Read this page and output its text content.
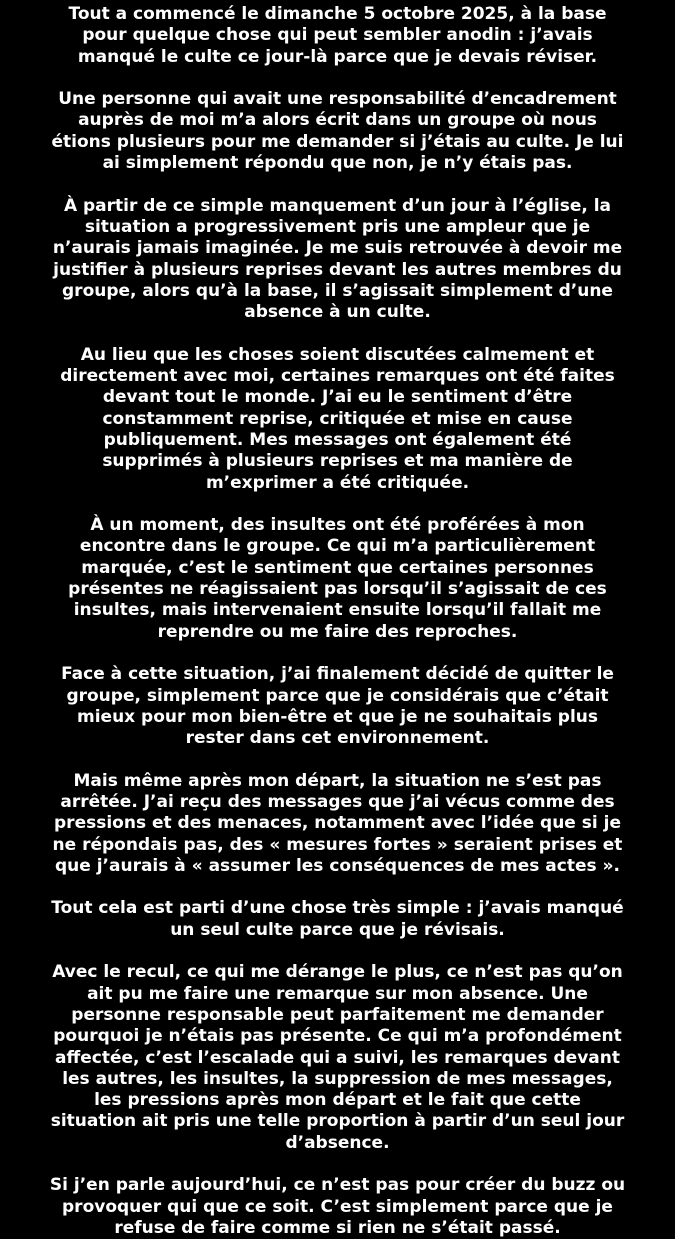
Tout a commencé le dimanche 5 octobre 2025, à la base
pour quelque chose qui peut sembler anodin : j’avais
manqué le culte ce jour-là parce que je devais réviser.

Une personne qui avait une responsabilité d’encadrement
auprès de moi m’a alors écrit dans un groupe où nous
étions plusieurs pour me demander si j’étais au culte. Je lui
ai simplement répondu que non, je n’y étais pas.

À partir de ce simple manquement d’un jour à l’église, la
situation a progressivement pris une ampleur que je
n’aurais jamais imaginée. Je me suis retrouvée à devoir me
justifier à plusieurs reprises devant les autres membres du
groupe, alors qu’à la base, il s’agissait simplement d’une
absence à un culte.

Au lieu que les choses soient discutées calmement et
directement avec moi, certaines remarques ont été faites
devant tout le monde. J’ai eu le sentiment d’être
constamment reprise, critiquée et mise en cause
publiquement. Mes messages ont également été
supprimés à plusieurs reprises et ma manière de
m’exprimer a été critiquée.

À un moment, des insultes ont été proférées à mon
encontre dans le groupe. Ce qui m’a particulièrement
marquée, c’est le sentiment que certaines personnes
présentes ne réagissaient pas lorsqu’il s’agissait de ces
insultes, mais intervenaient ensuite lorsqu’il fallait me
reprendre ou me faire des reproches.

Face à cette situation, j’ai finalement décidé de quitter le
groupe, simplement parce que je considérais que c’était
mieux pour mon bien-être et que je ne souhaitais plus
rester dans cet environnement.

Mais même après mon départ, la situation ne s’est pas
arrêtée. J’ai reçu des messages que j’ai vécus comme des
pressions et des menaces, notamment avec l’idée que si je
ne répondais pas, des « mesures fortes » seraient prises et
que j’aurais à « assumer les conséquences de mes actes ».

Tout cela est parti d’une chose très simple : j’avais manqué
un seul culte parce que je révisais.

Avec le recul, ce qui me dérange le plus, ce n’est pas qu’on
ait pu me faire une remarque sur mon absence. Une
personne responsable peut parfaitement me demander
pourquoi je n’étais pas présente. Ce qui m’a profondément
affectée, c’est l’escalade qui a suivi, les remarques devant
les autres, les insultes, la suppression de mes messages,
les pressions après mon départ et le fait que cette
situation ait pris une telle proportion à partir d’un seul jour
d’absence.

Si j’en parle aujourd’hui, ce n’est pas pour créer du buzz ou
provoquer qui que ce soit. C’est simplement parce que je
refuse de faire comme si rien ne s’était passé.
